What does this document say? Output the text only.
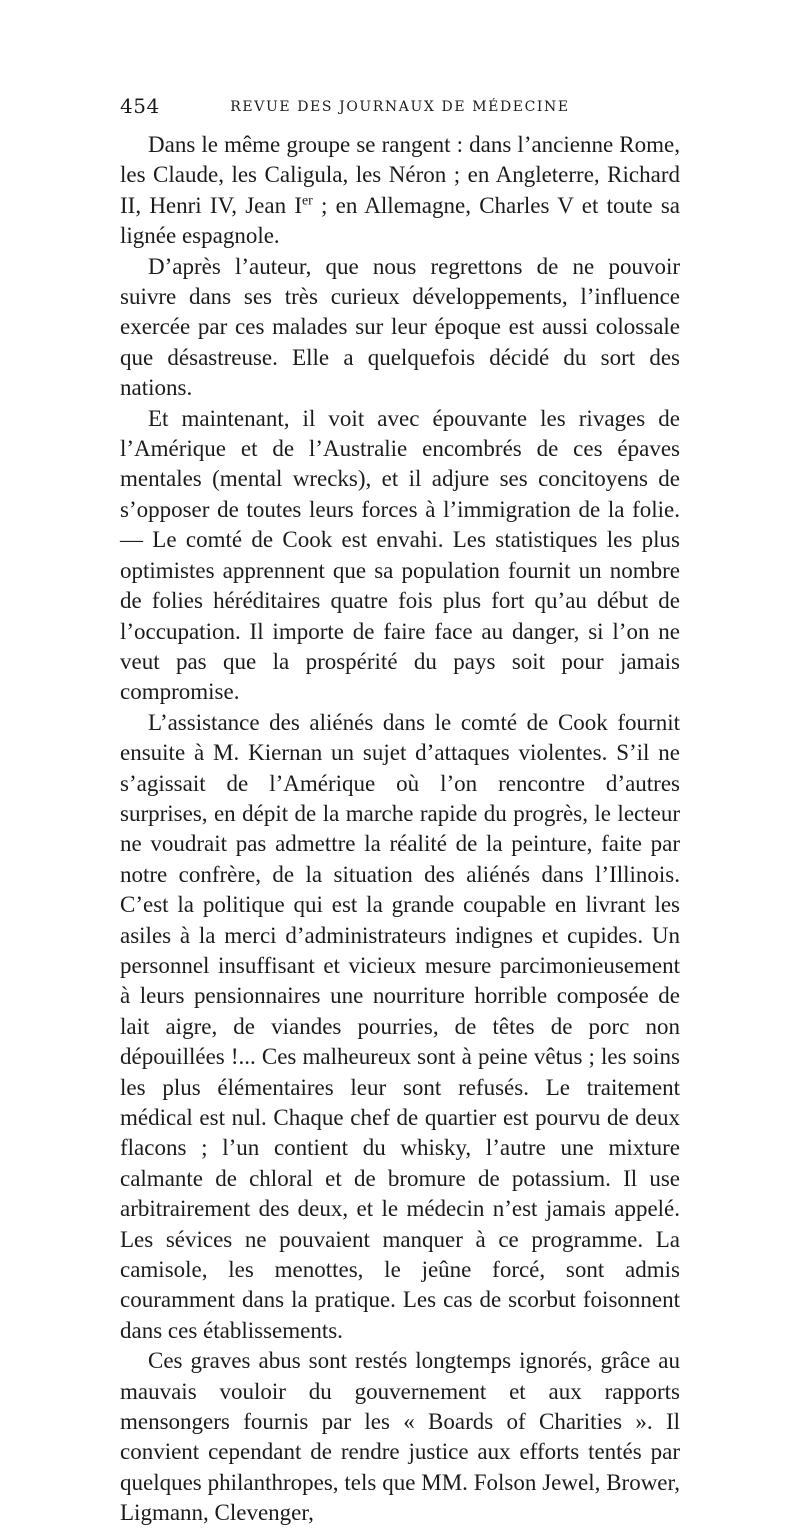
454	REVUE DES JOURNAUX DE MÉDECINE

Dans le même groupe se rangent : dans l’ancienne Rome, les Claude, les Caligula, les Néron ; en Angleterre, Richard II, Henri IV, Jean Ier ; en Allemagne, Charles V et toute sa lignée espagnole.

D’après l’auteur, que nous regrettons de ne pouvoir suivre dans ses très curieux développements, l’influence exercée par ces malades sur leur époque est aussi colossale que désastreuse. Elle a quelquefois décidé du sort des nations.

Et maintenant, il voit avec épouvante les rivages de l’Amérique et de l’Australie encombrés de ces épaves mentales (mental wrecks), et il adjure ses concitoyens de s’opposer de toutes leurs forces à l’immigration de la folie. — Le comté de Cook est envahi. Les statistiques les plus optimistes apprennent que sa population fournit un nombre de folies héréditaires quatre fois plus fort qu’au début de l’occupation. Il importe de faire face au danger, si l’on ne veut pas que la prospérité du pays soit pour jamais compromise.

L’assistance des aliénés dans le comté de Cook fournit ensuite à M. Kiernan un sujet d’attaques violentes. S’il ne s’agissait de l’Amérique où l’on rencontre d’autres surprises, en dépit de la marche rapide du progrès, le lecteur ne voudrait pas admettre la réalité de la peinture, faite par notre confrère, de la situation des aliénés dans l’Illinois. C’est la politique qui est la grande coupable en livrant les asiles à la merci d’administrateurs indignes et cupides. Un personnel insuffisant et vicieux mesure parcimonieusement à leurs pensionnaires une nourriture horrible composée de lait aigre, de viandes pourries, de têtes de porc non dépouillées !... Ces malheureux sont à peine vêtus ; les soins les plus élémentaires leur sont refusés. Le traitement médical est nul. Chaque chef de quartier est pourvu de deux flacons ; l’un contient du whisky, l’autre une mixture calmante de chloral et de bromure de potassium. Il use arbitrairement des deux, et le médecin n’est jamais appelé. Les sévices ne pouvaient manquer à ce programme. La camisole, les menottes, le jeûne forcé, sont admis couramment dans la pratique. Les cas de scorbut foisonnent dans ces établissements.

Ces graves abus sont restés longtemps ignorés, grâce au mauvais vouloir du gouvernement et aux rapports mensongers fournis par les « Boards of Charities ». Il convient cependant de rendre justice aux efforts tentés par quelques philanthropes, tels que MM. Folson Jewel, Brower, Ligmann, Clevenger,
